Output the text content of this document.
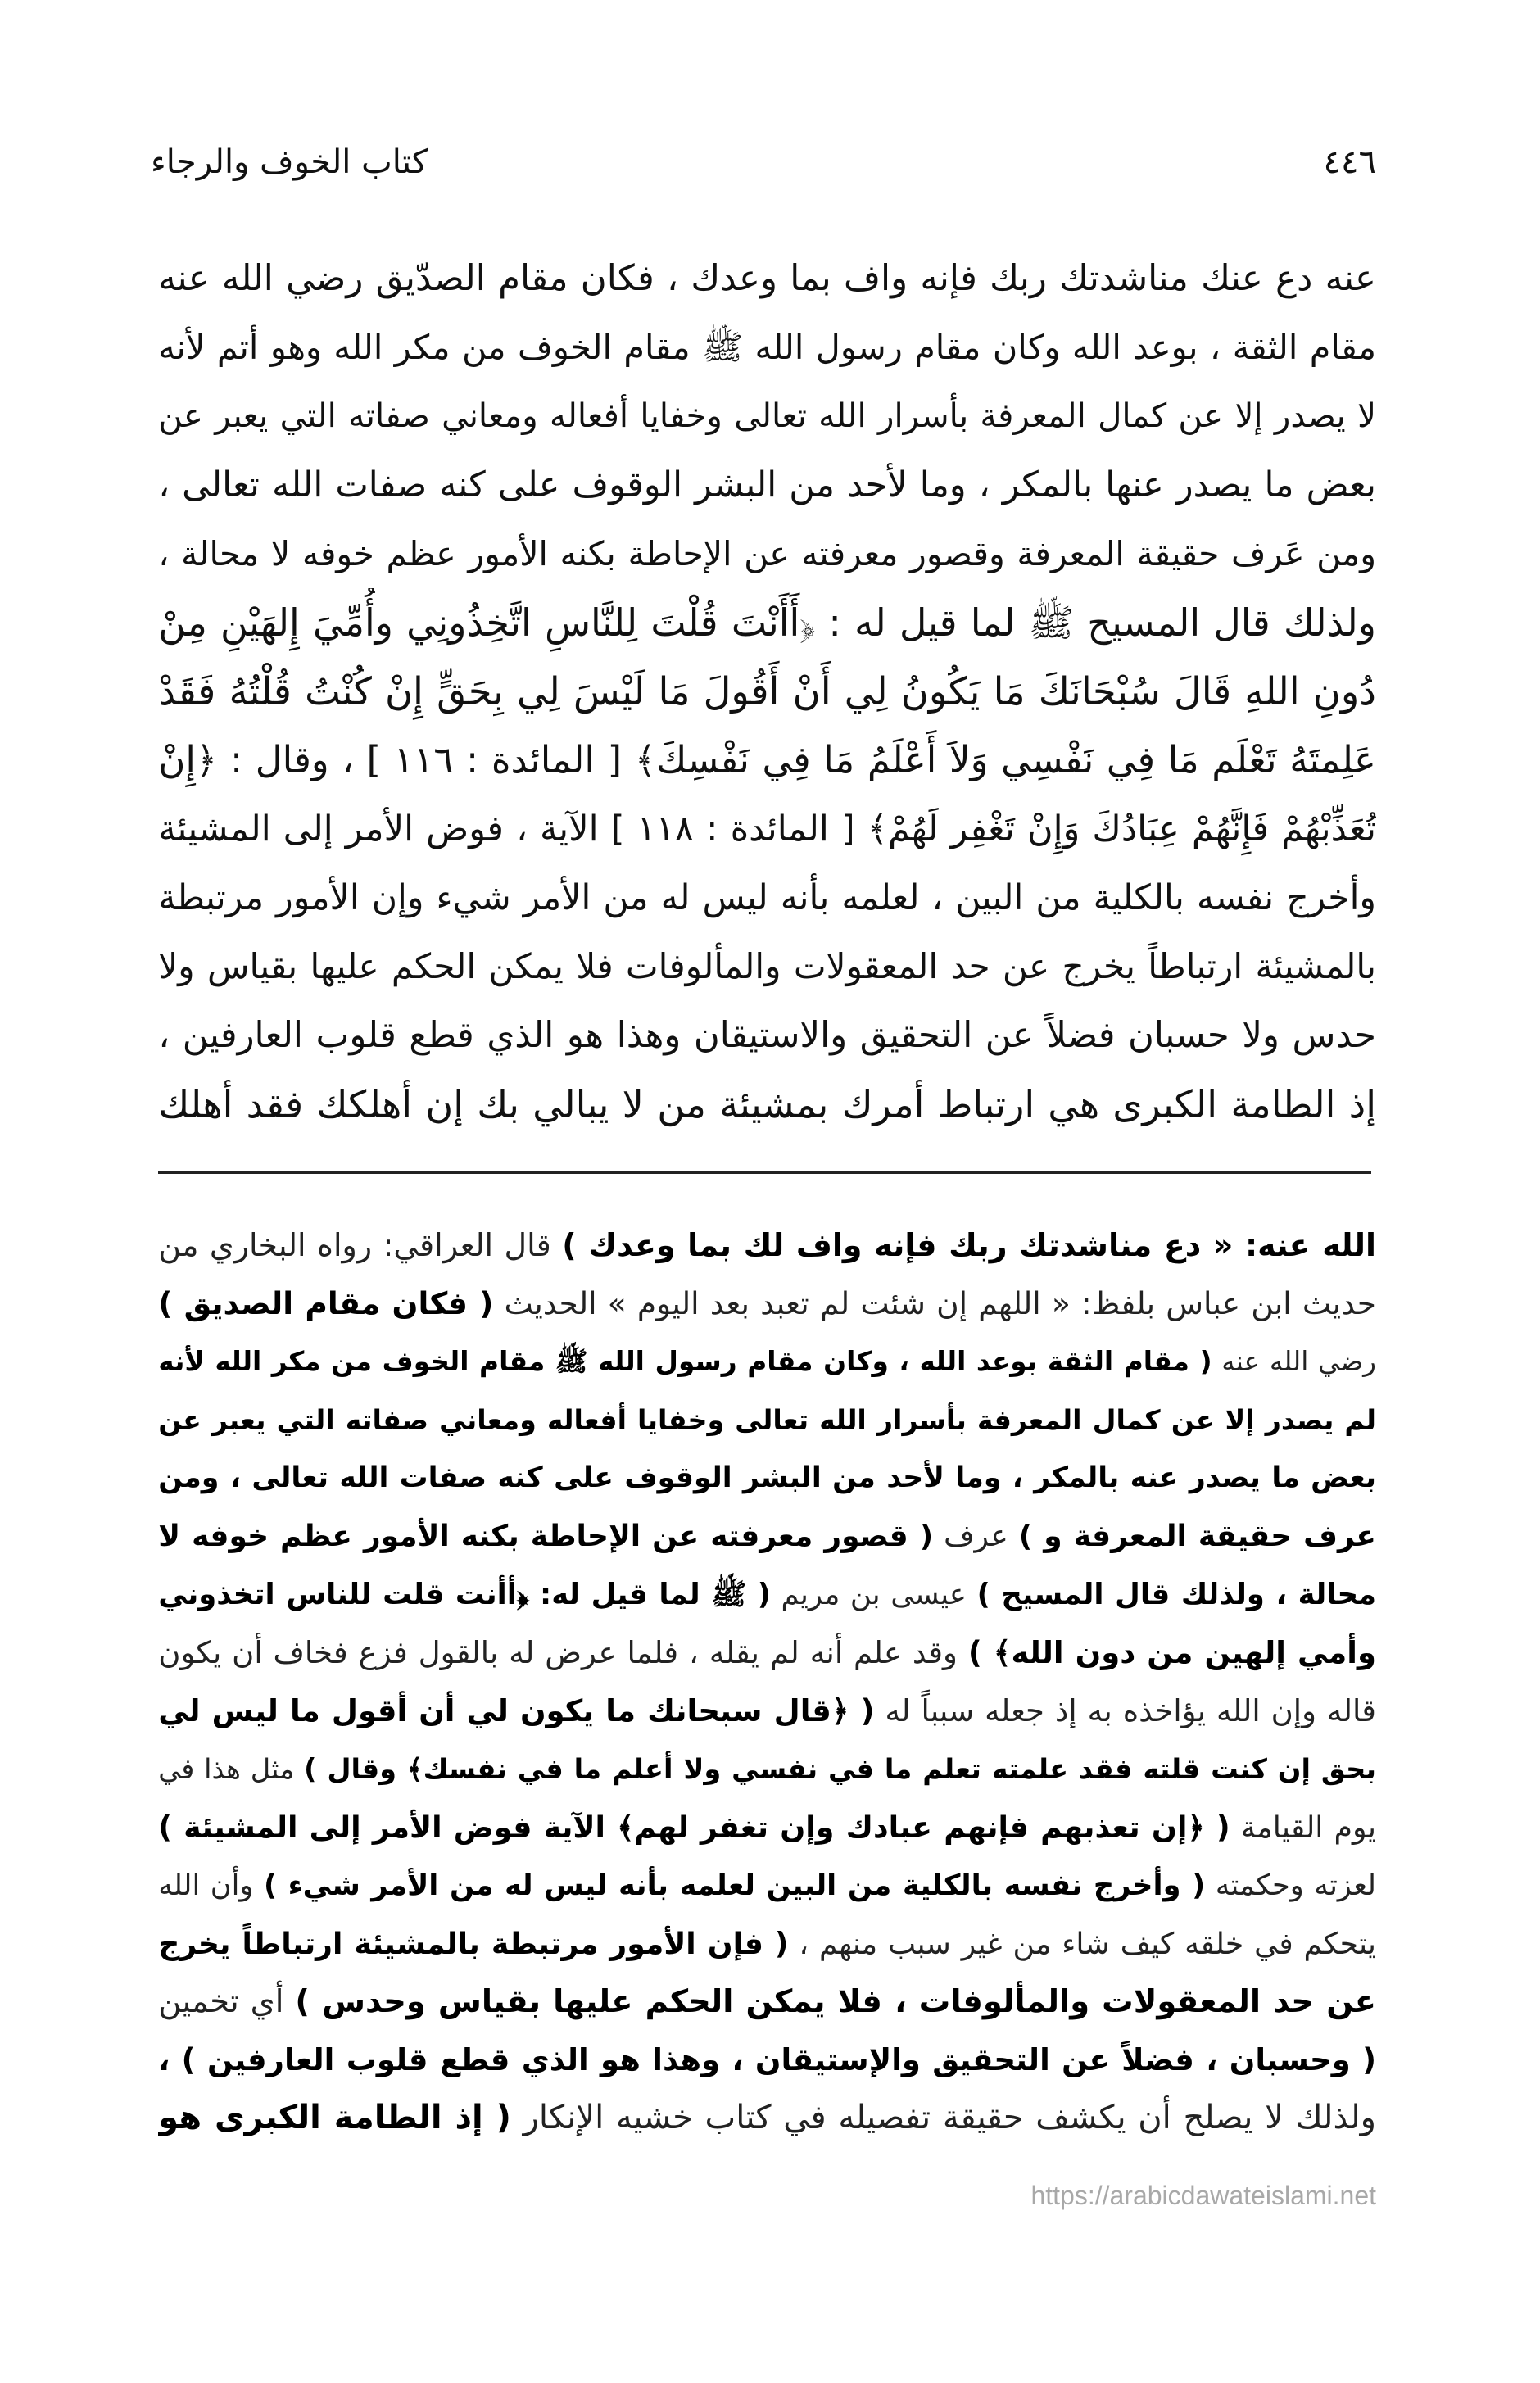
٤٤٦
كتاب الخوف والرجاء
عنه دع عنك مناشدتك ربك فإنه واف بما وعدك ، فكان مقام الصدّيق رضي الله عنه
مقام الثقة ، بوعد الله وكان مقام رسول الله ﷺ مقام الخوف من مكر الله وهو أتم لأنه
لا يصدر إلا عن كمال المعرفة بأسرار الله تعالى وخفايا أفعاله ومعاني صفاته التي يعبر عن
بعض ما يصدر عنها بالمكر ، وما لأحد من البشر الوقوف على كنه صفات الله تعالى ،
ومن عَرف حقيقة المعرفة وقصور معرفته عن الإحاطة بكنه الأمور عظم خوفه لا محالة ،
ولذلك قال المسيح ﷺ لما قيل له : ﴿أَأَنْتَ قُلْتَ لِلنَّاسِ اتَّخِذُونِي وأُمِّيَ إِلهَيْنِ مِنْ
دُونِ اللهِ قَالَ سُبْحَانَكَ مَا يَكُونُ لِي أَنْ أَقُولَ مَا لَيْسَ لِي بِحَقٍّ إِنْ كُنْتُ قُلْتُهُ فَقَدْ
عَلِمتَهُ تَعْلَم مَا فِي نَفْسِي وَلاَ أَعْلَمُ مَا فِي نَفْسِكَ﴾ [ المائدة : ١١٦ ] ، وقال : ﴿إِنْ
تُعَذِّبْهُمْ فَإِنَّهُمْ عِبَادُكَ وَإِنْ تَغْفِر لَهُمْ﴾ [ المائدة : ١١٨ ] الآية ، فوض الأمر إلى المشيئة
وأخرج نفسه بالكلية من البين ، لعلمه بأنه ليس له من الأمر شيء وإن الأمور مرتبطة
بالمشيئة ارتباطاً يخرج عن حد المعقولات والمألوفات فلا يمكن الحكم عليها بقياس ولا
حدس ولا حسبان فضلاً عن التحقيق والاستيقان وهذا هو الذي قطع قلوب العارفين ،
إذ الطامة الكبرى هي ارتباط أمرك بمشيئة من لا يبالي بك إن أهلكك فقد أهلك
الله عنه: « دع مناشدتك ربك فإنه واف لك بما وعدك ) قال العراقي: رواه البخاري من
حديث ابن عباس بلفظ: « اللهم إن شئت لم تعبد بعد اليوم » الحديث ( فكان مقام الصديق )
رضي الله عنه ( مقام الثقة بوعد الله ، وكان مقام رسول الله ﷺ مقام الخوف من مكر الله لأنه
لم يصدر إلا عن كمال المعرفة بأسرار الله تعالى وخفايا أفعاله ومعاني صفاته التي يعبر عن
بعض ما يصدر عنه بالمكر ، وما لأحد من البشر الوقوف على كنه صفات الله تعالى ، ومن
عرف حقيقة المعرفة و ) عرف ( قصور معرفته عن الإحاطة بكنه الأمور عظم خوفه لا
محالة ، ولذلك قال المسيح ) عيسى بن مريم ( ﷺ لما قيل له: ﴿أأنت قلت للناس اتخذوني
وأمي إلهين من دون الله﴾ ) وقد علم أنه لم يقله ، فلما عرض له بالقول فزع فخاف أن يكون
قاله وإن الله يؤاخذه به إذ جعله سبباً له ( ﴿قال سبحانك ما يكون لي أن أقول ما ليس لي
بحق إن كنت قلته فقد علمته تعلم ما في نفسي ولا أعلم ما في نفسك﴾ وقال ) مثل هذا في
يوم القيامة ( ﴿إن تعذبهم فإنهم عبادك وإن تغفر لهم﴾ الآية فوض الأمر إلى المشيئة )
لعزته وحكمته ( وأخرج نفسه بالكلية من البين لعلمه بأنه ليس له من الأمر شيء ) وأن الله
يتحكم في خلقه كيف شاء من غير سبب منهم ، ( فإن الأمور مرتبطة بالمشيئة ارتباطاً يخرج
عن حد المعقولات والمألوفات ، فلا يمكن الحكم عليها بقياس وحدس ) أي تخمين
( وحسبان ، فضلاً عن التحقيق والإستيقان ، وهذا هو الذي قطع قلوب العارفين ) ،
ولذلك لا يصلح أن يكشف حقيقة تفصيله في كتاب خشيه الإنكار ( إذ الطامة الكبرى هو
https://arabicdawateislami.net
